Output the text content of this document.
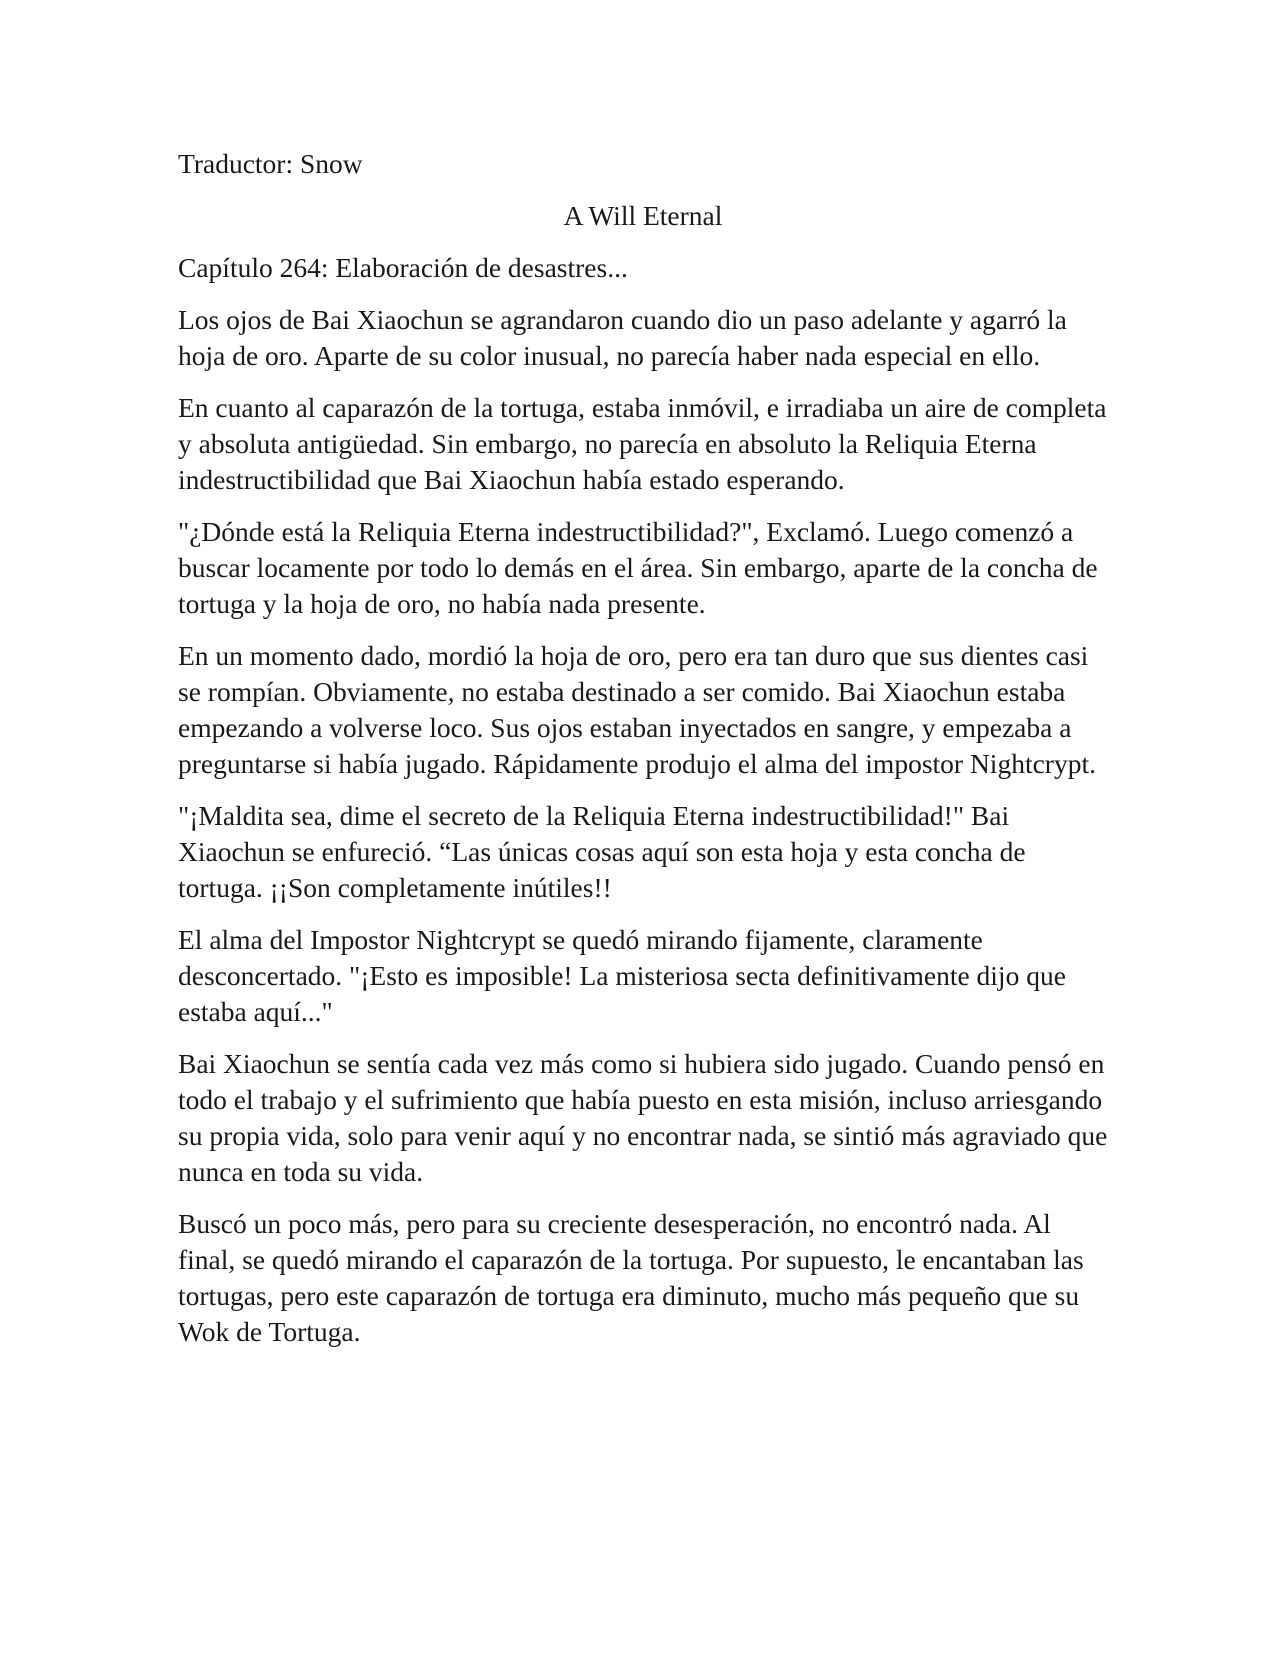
Traductor: Snow

A Will Eternal

Capítulo 264: Elaboración de desastres...

Los ojos de Bai Xiaochun se agrandaron cuando dio un paso adelante y agarró la hoja de oro. Aparte de su color inusual, no parecía haber nada especial en ello.

En cuanto al caparazón de la tortuga, estaba inmóvil, e irradiaba un aire de completa y absoluta antigüedad. Sin embargo, no parecía en absoluto la Reliquia Eterna indestructibilidad que Bai Xiaochun había estado esperando.

"¿Dónde está la Reliquia Eterna indestructibilidad?", Exclamó. Luego comenzó a buscar locamente por todo lo demás en el área. Sin embargo, aparte de la concha de tortuga y la hoja de oro, no había nada presente.

En un momento dado, mordió la hoja de oro, pero era tan duro que sus dientes casi se rompían. Obviamente, no estaba destinado a ser comido. Bai Xiaochun estaba empezando a volverse loco. Sus ojos estaban inyectados en sangre, y empezaba a preguntarse si había jugado. Rápidamente produjo el alma del impostor Nightcrypt.

"¡Maldita sea, dime el secreto de la Reliquia Eterna indestructibilidad!" Bai Xiaochun se enfureció. “Las únicas cosas aquí son esta hoja y esta concha de tortuga. ¡¡Son completamente inútiles!!

El alma del Impostor Nightcrypt se quedó mirando fijamente, claramente desconcertado. "¡Esto es imposible! La misteriosa secta definitivamente dijo que estaba aquí..."

Bai Xiaochun se sentía cada vez más como si hubiera sido jugado. Cuando pensó en todo el trabajo y el sufrimiento que había puesto en esta misión, incluso arriesgando su propia vida, solo para venir aquí y no encontrar nada, se sintió más agraviado que nunca en toda su vida.

Buscó un poco más, pero para su creciente desesperación, no encontró nada. Al final, se quedó mirando el caparazón de la tortuga. Por supuesto, le encantaban las tortugas, pero este caparazón de tortuga era diminuto, mucho más pequeño que su Wok de Tortuga.
